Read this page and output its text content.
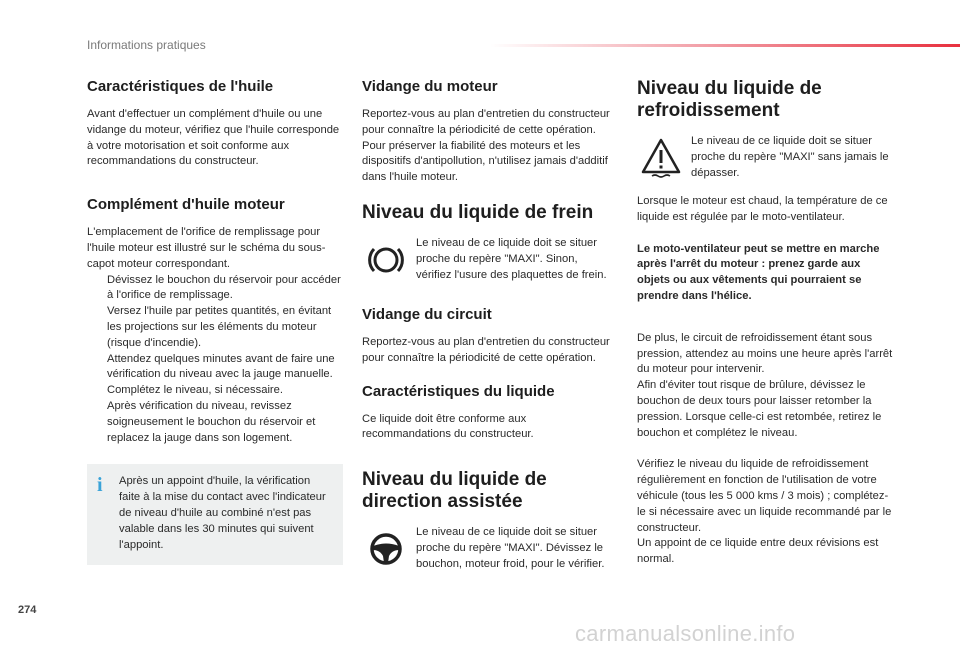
Informations pratiques
Caractéristiques de l'huile

Avant d'effectuer un complément d'huile ou une vidange du moteur, vérifiez que l'huile corresponde à votre motorisation et soit conforme aux recommandations du constructeur.

Complément d'huile moteur

L'emplacement de l'orifice de remplissage pour l'huile moteur est illustré sur le schéma du sous-capot moteur correspondant.

Dévissez le bouchon du réservoir pour accéder à l'orifice de remplissage.
Versez l'huile par petites quantités, en évitant les projections sur les éléments du moteur (risque d'incendie).
Attendez quelques minutes avant de faire une vérification du niveau avec la jauge manuelle.
Complétez le niveau, si nécessaire.
Après vérification du niveau, revissez soigneusement le bouchon du réservoir et replacez la jauge dans son logement.
i Après un appoint d'huile, la vérification faite à la mise du contact avec l'indicateur de niveau d'huile au combiné n'est pas valable dans les 30 minutes qui suivent l'appoint.

Vidange du moteur

Reportez-vous au plan d'entretien du constructeur pour connaître la périodicité de cette opération.

Pour préserver la fiabilité des moteurs et les dispositifs d'antipollution, n'utilisez jamais d'additif dans l'huile moteur.

Niveau du liquide de frein

Le niveau de ce liquide doit se situer proche du repère "MAXI". Sinon, vérifiez l'usure des plaquettes de frein.

Vidange du circuit

Reportez-vous au plan d'entretien du constructeur pour connaître la périodicité de cette opération.

Caractéristiques du liquide

Ce liquide doit être conforme aux recommandations du constructeur.

Niveau du liquide de direction assistée

Le niveau de ce liquide doit se situer proche du repère "MAXI". Dévissez le bouchon, moteur froid, pour le vérifier.

Niveau du liquide de refroidissement

Le niveau de ce liquide doit se situer proche du repère "MAXI" sans jamais le dépasser.

Lorsque le moteur est chaud, la température de ce liquide est régulée par le moto-ventilateur.

Le moto-ventilateur peut se mettre en marche après l'arrêt du moteur : prenez garde aux objets ou aux vêtements qui pourraient se prendre dans l'hélice.

De plus, le circuit de refroidissement étant sous pression, attendez au moins une heure après l'arrêt du moteur pour intervenir.

Afin d'éviter tout risque de brûlure, dévissez le bouchon de deux tours pour laisser retomber la pression. Lorsque celle-ci est retombée, retirez le bouchon et complétez le niveau.

Vérifiez le niveau du liquide de refroidissement régulièrement en fonction de l'utilisation de votre véhicule (tous les 5 000 kms / 3 mois) ; complétez-le si nécessaire avec un liquide recommandé par le constructeur.

Un appoint de ce liquide entre deux révisions est normal.

274
carmanualsonline.info
